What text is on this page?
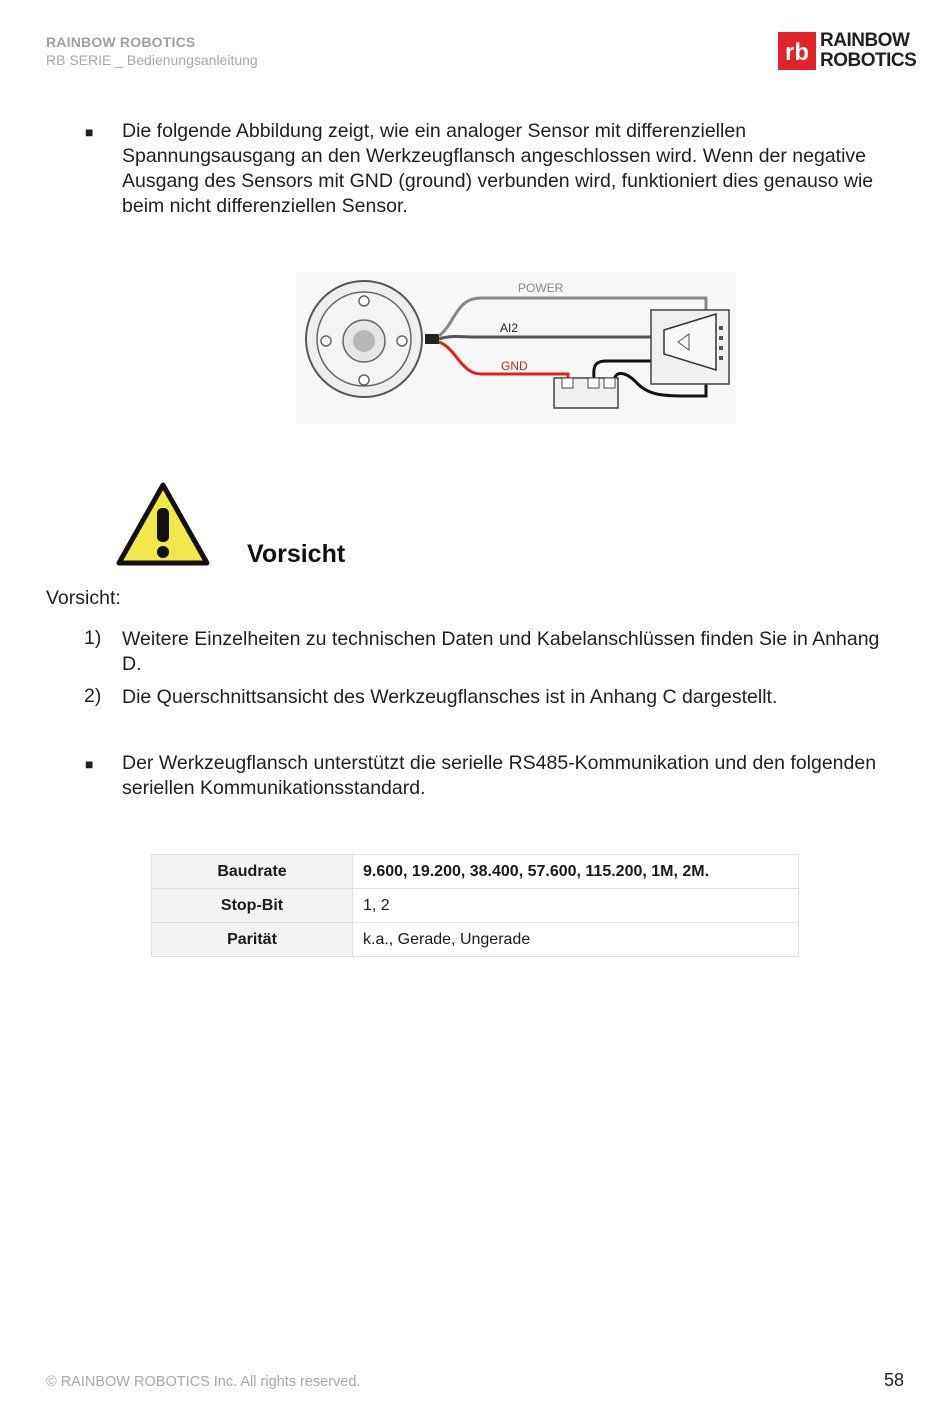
RAINBOW ROBOTICS
RB SERIE _ Bedienungsanleitung	rb RAINBOW
ROBOTICS
■ Die folgende Abbildung zeigt, wie ein analoger Sensor mit differenziellen Spannungsausgang an den Werkzeugflansch angeschlossen wird. Wenn der negative Ausgang des Sensors mit GND (ground) verbunden wird, funktioniert dies genauso wie beim nicht differenziellen Sensor.
POWER
AI2
GND
Vorsicht
Vorsicht:
1) Weitere Einzelheiten zu technischen Daten und Kabelanschlüssen finden Sie in Anhang D.
2) Die Querschnittsansicht des Werkzeugflansches ist in Anhang C dargestellt.
■ Der Werkzeugflansch unterstützt die serielle RS485-Kommunikation und den folgenden seriellen Kommunikationsstandard.
Baudrate	9.600, 19.200, 38.400, 57.600, 115.200, 1M, 2M.
Stop-Bit	1, 2
Parität	k.a., Gerade, Ungerade
© RAINBOW ROBOTICS Inc. All rights reserved.	58
